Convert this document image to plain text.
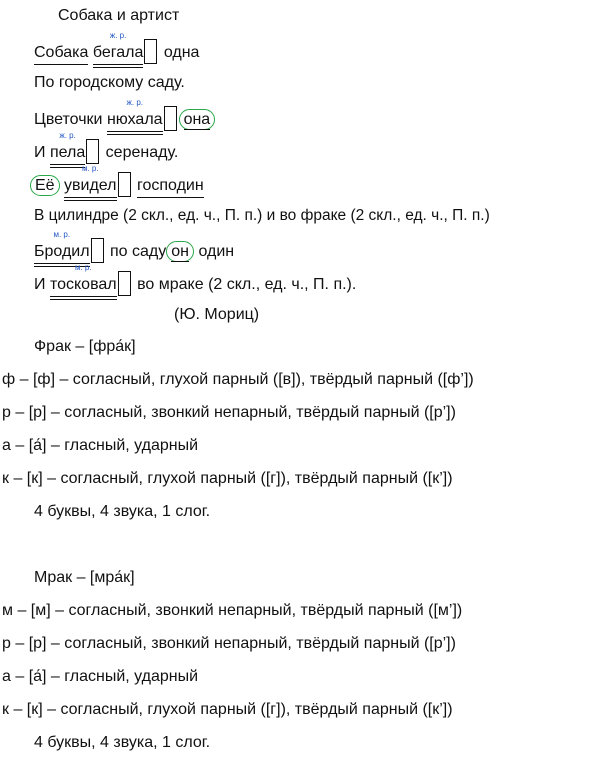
Собака и артист
Собака
ж. р.
бегала одна
По городскому саду.
Цветочки
ж. р.
нюхала она
И
ж. р.
пела серенаду.
Её
м. р.
увидел господин
В цилиндре (2 скл., ед. ч., П. п.) и во фраке (2 скл., ед. ч., П. п.)
м. р.
Бродил по саду он один
И
м. р.
тосковал во мраке (2 скл., ед. ч., П. п.).
(Ю. Мориц)
Фрак – [фра́к]
ф – [ф] – согласный, глухой парный ([в]), твёрдый парный ([ф’])
р – [р] – согласный, звонкий непарный, твёрдый парный ([р’])
а – [а́] – гласный, ударный
к – [к] – согласный, глухой парный ([г]), твёрдый парный ([к’])
4 буквы, 4 звука, 1 слог.
Мрак – [мра́к]
м – [м] – согласный, звонкий непарный, твёрдый парный ([м’])
р – [р] – согласный, звонкий непарный, твёрдый парный ([р’])
а – [а́] – гласный, ударный
к – [к] – согласный, глухой парный ([г]), твёрдый парный ([к’])
4 буквы, 4 звука, 1 слог.
